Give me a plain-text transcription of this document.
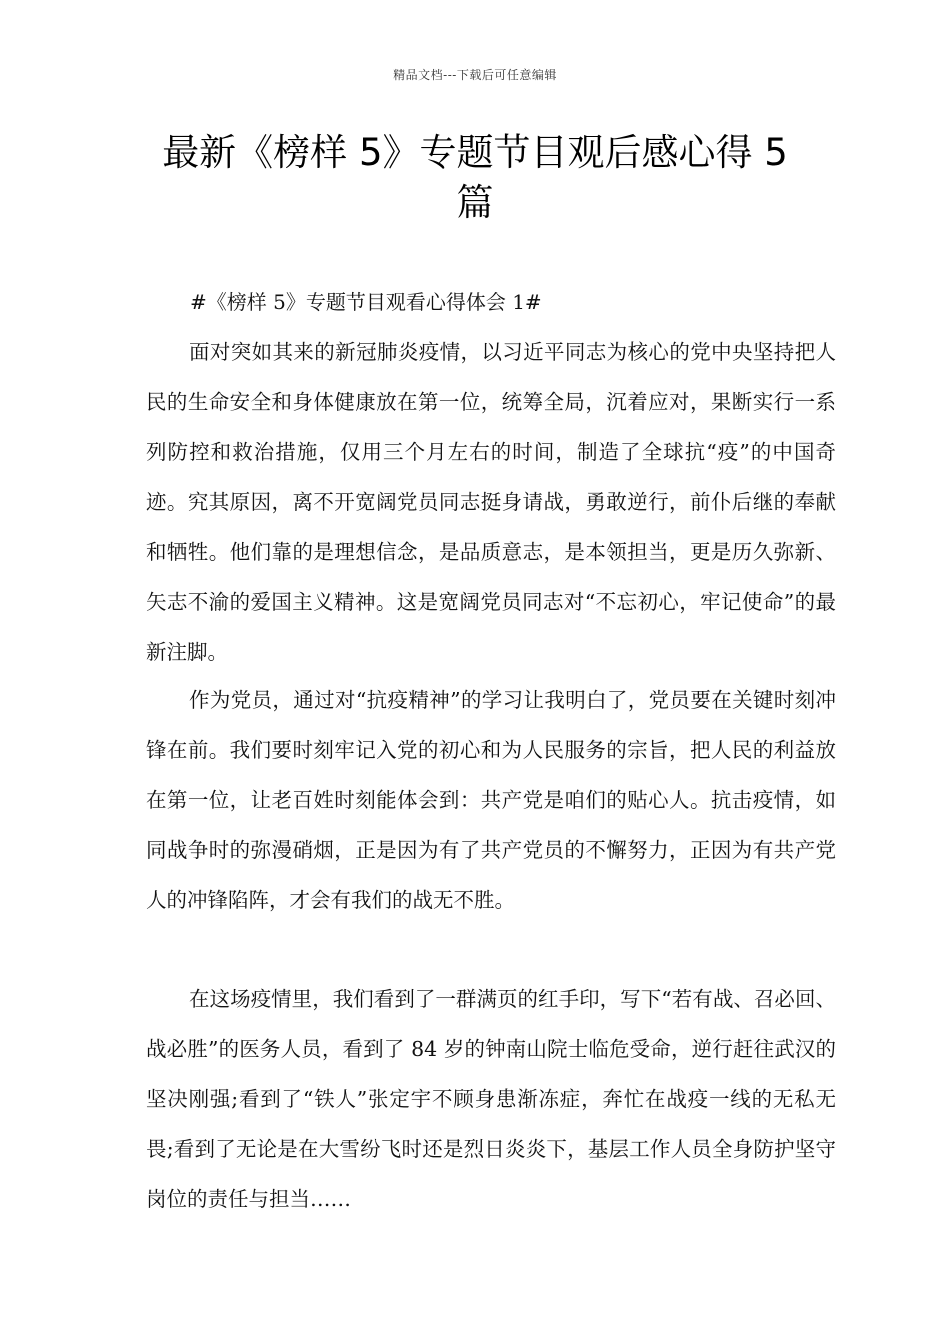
精品文档---下载后可任意编辑
最新《榜样 5》专题节目观后感心得 5 篇

#《榜样 5》专题节目观看心得体会 1#

面对突如其来的新冠肺炎疫情，以习近平同志为核心的党中央坚持把人民的生命安全和身体健康放在第一位，统筹全局，沉着应对，果断实行一系列防控和救治措施，仅用三个月左右的时间，制造了全球抗“疫”的中国奇迹。究其原因，离不开宽阔党员同志挺身请战，勇敢逆行，前仆后继的奉献和牺牲。他们靠的是理想信念，是品质意志，是本领担当，更是历久弥新、矢志不渝的爱国主义精神。这是宽阔党员同志对“不忘初心，牢记使命”的最新注脚。

作为党员，通过对“抗疫精神”的学习让我明白了，党员要在关键时刻冲锋在前。我们要时刻牢记入党的初心和为人民服务的宗旨，把人民的利益放在第一位，让老百姓时刻能体会到：共产党是咱们的贴心人。抗击疫情，如同战争时的弥漫硝烟，正是因为有了共产党员的不懈努力，正因为有共产党人的冲锋陷阵，才会有我们的战无不胜。

在这场疫情里，我们看到了一群满页的红手印，写下“若有战、召必回、战必胜”的医务人员，看到了 84 岁的钟南山院士临危受命，逆行赶往武汉的坚决刚强;看到了“铁人”张定宇不顾身患渐冻症，奔忙在战疫一线的无私无畏;看到了无论是在大雪纷飞时还是烈日炎炎下，基层工作人员全身防护坚守岗位的责任与担当……
